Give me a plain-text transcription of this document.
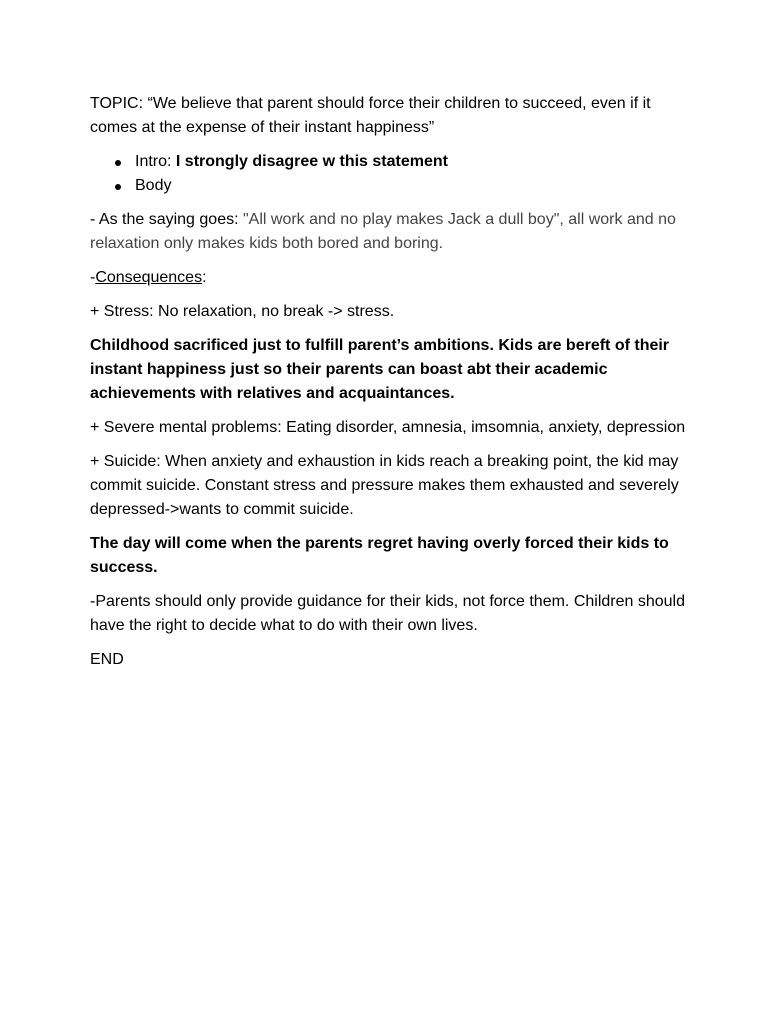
TOPIC: “We believe that parent should force their children to succeed, even if it comes at the expense of their instant happiness”

Intro: I strongly disagree w this statement
Body

- As the saying goes: "All work and no play makes Jack a dull boy", all work and no relaxation only makes kids both bored and boring.

-Consequences:

+ Stress: No relaxation, no break -> stress.

Childhood sacrificed just to fulfill parent’s ambitions. Kids are bereft of their instant happiness just so their parents can boast abt their academic achievements with relatives and acquaintances.

+ Severe mental problems: Eating disorder, amnesia, imsomnia, anxiety, depression

+ Suicide: When anxiety and exhaustion in kids reach a breaking point, the kid may commit suicide. Constant stress and pressure makes them exhausted and severely depressed->wants to commit suicide.

The day will come when the parents regret having overly forced their kids to success.

-Parents should only provide guidance for their kids, not force them. Children should have the right to decide what to do with their own lives.

END
